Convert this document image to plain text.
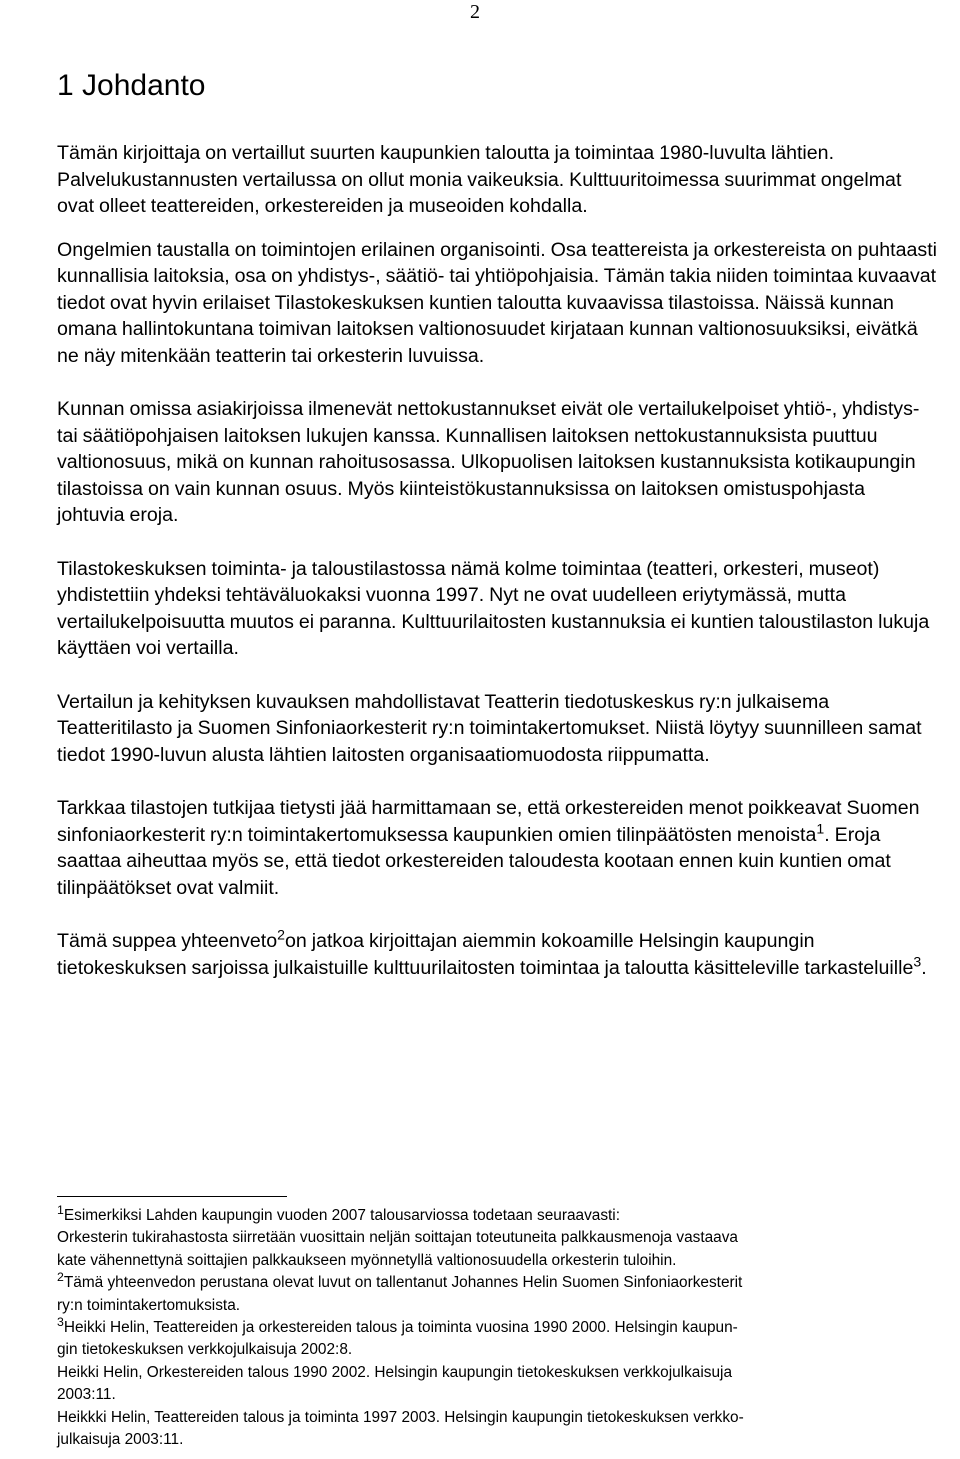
2
1 Johdanto

Tämän kirjoittaja on vertaillut suurten kaupunkien taloutta ja toimintaa 1980-luvulta lähtien. Palvelukustannusten vertailussa on ollut monia vaikeuksia. Kulttuuritoimessa suurimmat ongelmat ovat olleet teattereiden, orkestereiden ja museoiden kohdalla.

Ongelmien taustalla on toimintojen erilainen organisointi. Osa teattereista ja orkestereista on puhtaasti kunnallisia laitoksia, osa on yhdistys-, säätiö- tai yhtiöpohjaisia. Tämän takia niiden toimintaa kuvaavat tiedot ovat hyvin erilaiset Tilastokeskuksen kuntien taloutta kuvaavissa tilastoissa. Näissä kunnan omana hallintokuntana toimivan laitoksen valtionosuudet kirjataan kunnan valtionosuuksiksi, eivätkä ne näy mitenkään teatterin tai orkesterin luvuissa.

Kunnan omissa asiakirjoissa ilmenevät nettokustannukset eivät ole vertailukelpoiset yhtiö-, yhdistys- tai säätiöpohjaisen laitoksen lukujen kanssa. Kunnallisen laitoksen nettokustannuksista puuttuu valtionosuus, mikä on kunnan rahoitusosassa. Ulkopuolisen laitoksen kustannuksista kotikaupungin tilastoissa on vain kunnan osuus. Myös kiinteistökustannuksissa on laitoksen omistuspohjasta johtuvia eroja.

Tilastokeskuksen toiminta- ja taloustilastossa nämä kolme toimintaa (teatteri, orkesteri, museot) yhdistettiin yhdeksi tehtäväluokaksi vuonna 1997. Nyt ne ovat uudelleen eriytymässä, mutta vertailukelpoisuutta muutos ei paranna. Kulttuurilaitosten kustannuksia ei kuntien taloustilaston lukuja käyttäen voi vertailla.

Vertailun ja kehityksen kuvauksen mahdollistavat Teatterin tiedotuskeskus ry:n julkaisema Teatteritilasto ja Suomen Sinfoniaorkesterit ry:n toimintakertomukset. Niistä löytyy suunnilleen samat tiedot 1990-luvun alusta lähtien laitosten organisaatiomuodosta riippumatta.

Tarkkaa tilastojen tutkijaa tietysti jää harmittamaan se, että orkestereiden menot poikkeavat Suomen sinfoniaorkesterit ry:n toimintakertomuksessa kaupunkien omien tilinpäätösten menoista$^1$. Eroja saattaa aiheuttaa myös se, että tiedot orkestereiden taloudesta kootaan ennen kuin kuntien omat tilinpäätökset ovat valmiit.

Tämä suppea yhteenveto$^2$on jatkoa kirjoittajan aiemmin kokoamille Helsingin kaupungin tietokeskuksen sarjoissa julkaistuille kulttuurilaitosten toimintaa ja taloutta käsitteleville tarkasteluille$^3$.

$^1$Esimerkiksi Lahden kaupungin vuoden 2007 talousarviossa todetaan seuraavasti:
Orkesterin tukirahastosta siirretään vuosittain neljän soittajan toteutuneita palkkausmenoja vastaava
kate vähennettynä soittajien palkkaukseen myönnetyllä valtionosuudella orkesterin tuloihin.
$^2$Tämä yhteenvedon perustana olevat luvut on tallentanut Johannes Helin Suomen Sinfoniaorkesterit
ry:n toimintakertomuksista.
$^3$Heikki Helin, Teattereiden ja orkestereiden talous ja toiminta vuosina 1990 2000. Helsingin kaupun-
gin tietokeskuksen verkkojulkaisuja 2002:8.
Heikki Helin, Orkestereiden talous 1990 2002. Helsingin kaupungin tietokeskuksen verkkojulkaisuja
2003:11.
Heikkki Helin, Teattereiden talous ja toiminta 1997 2003. Helsingin kaupungin tietokeskuksen verkko-
julkaisuja 2003:11.
